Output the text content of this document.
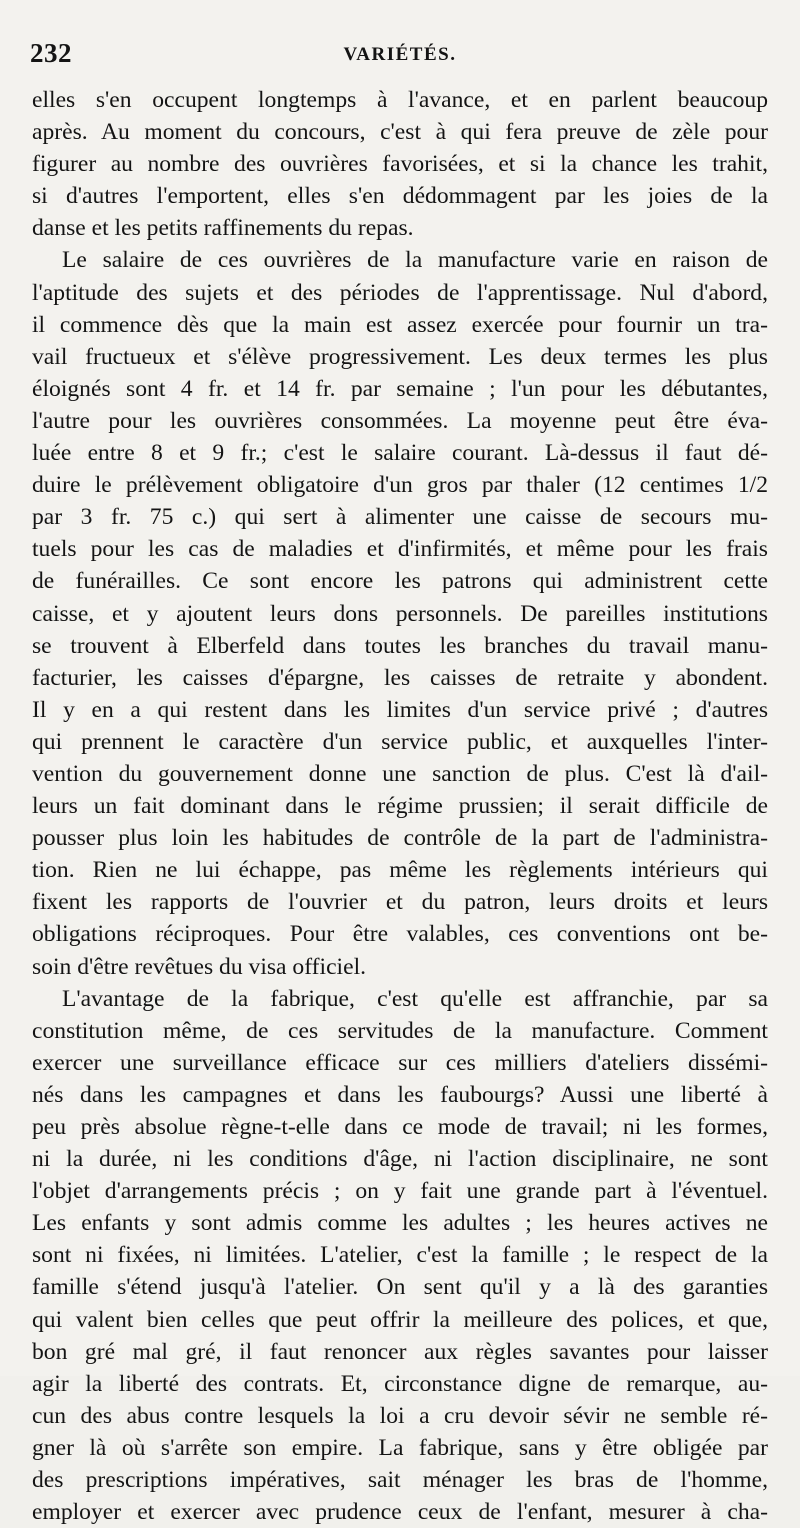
232	VARIÉTÉS.
elles s'en occupent longtemps à l'avance, et en parlent beaucoup
après. Au moment du concours, c'est à qui fera preuve de zèle pour
figurer au nombre des ouvrières favorisées, et si la chance les trahit,
si d'autres l'emportent, elles s'en dédommagent par les joies de la
danse et les petits raffinements du repas.
Le salaire de ces ouvrières de la manufacture varie en raison de
l'aptitude des sujets et des périodes de l'apprentissage. Nul d'abord,
il commence dès que la main est assez exercée pour fournir un tra-
vail fructueux et s'élève progressivement. Les deux termes les plus
éloignés sont 4 fr. et 14 fr. par semaine ; l'un pour les débutantes,
l'autre pour les ouvrières consommées. La moyenne peut être éva-
luée entre 8 et 9 fr.; c'est le salaire courant. Là-dessus il faut dé-
duire le prélèvement obligatoire d'un gros par thaler (12 centimes 1/2
par 3 fr. 75 c.) qui sert à alimenter une caisse de secours mu-
tuels pour les cas de maladies et d'infirmités, et même pour les frais
de funérailles. Ce sont encore les patrons qui administrent cette
caisse, et y ajoutent leurs dons personnels. De pareilles institutions
se trouvent à Elberfeld dans toutes les branches du travail manu-
facturier, les caisses d'épargne, les caisses de retraite y abondent.
Il y en a qui restent dans les limites d'un service privé ; d'autres
qui prennent le caractère d'un service public, et auxquelles l'inter-
vention du gouvernement donne une sanction de plus. C'est là d'ail-
leurs un fait dominant dans le régime prussien; il serait difficile de
pousser plus loin les habitudes de contrôle de la part de l'administra-
tion. Rien ne lui échappe, pas même les règlements intérieurs qui
fixent les rapports de l'ouvrier et du patron, leurs droits et leurs
obligations réciproques. Pour être valables, ces conventions ont be-
soin d'être revêtues du visa officiel.
L'avantage de la fabrique, c'est qu'elle est affranchie, par sa
constitution même, de ces servitudes de la manufacture. Comment
exercer une surveillance efficace sur ces milliers d'ateliers dissémi-
nés dans les campagnes et dans les faubourgs? Aussi une liberté à
peu près absolue règne-t-elle dans ce mode de travail; ni les formes,
ni la durée, ni les conditions d'âge, ni l'action disciplinaire, ne sont
l'objet d'arrangements précis ; on y fait une grande part à l'éventuel.
Les enfants y sont admis comme les adultes ; les heures actives ne
sont ni fixées, ni limitées. L'atelier, c'est la famille ; le respect de la
famille s'étend jusqu'à l'atelier. On sent qu'il y a là des garanties
qui valent bien celles que peut offrir la meilleure des polices, et que,
bon gré mal gré, il faut renoncer aux règles savantes pour laisser
agir la liberté des contrats. Et, circonstance digne de remarque, au-
cun des abus contre lesquels la loi a cru devoir sévir ne semble ré-
gner là où s'arrête son empire. La fabrique, sans y être obligée par
des prescriptions impératives, sait ménager les bras de l'homme,
employer et exercer avec prudence ceux de l'enfant, mesurer à cha-
